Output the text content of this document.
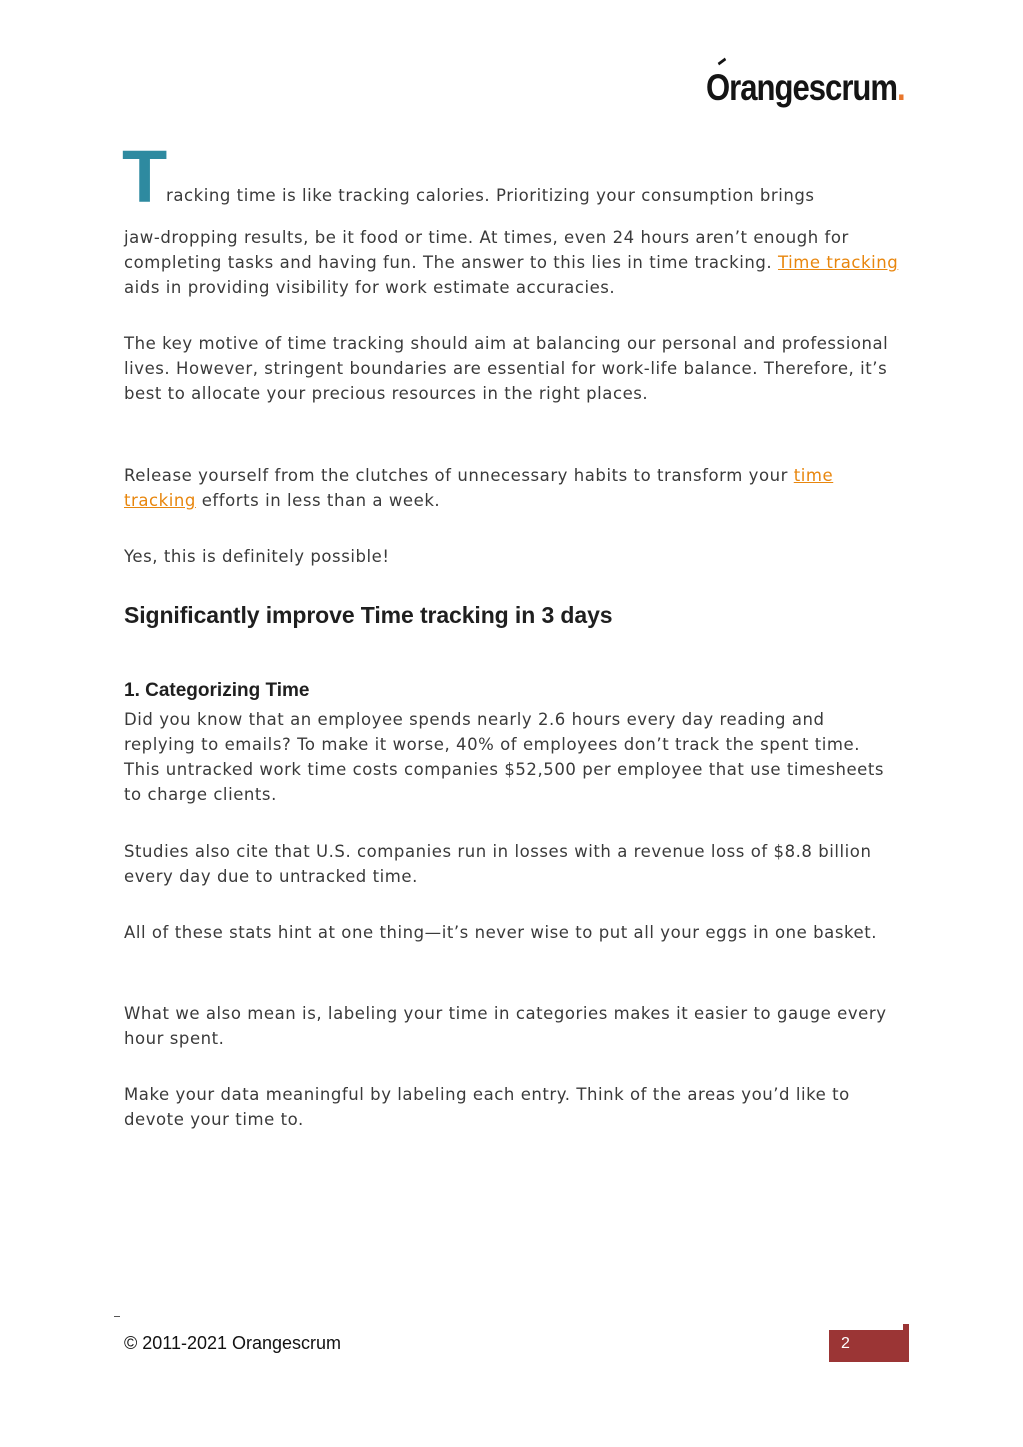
Orangescrum.
T

racking time is like tracking calories. Prioritizing your consumption brings

jaw-dropping results, be it food or time. At times, even 24 hours aren’t enough for completing tasks and having fun. The answer to this lies in time tracking. Time tracking aids in providing visibility for work estimate accuracies.

The key motive of time tracking should aim at balancing our personal and professional lives. However, stringent boundaries are essential for work-life balance. Therefore, it’s best to allocate your precious resources in the right places.

Release yourself from the clutches of unnecessary habits to transform your time tracking efforts in less than a week.

Yes, this is definitely possible!

Significantly improve Time tracking in 3 days
1. Categorizing Time

Did you know that an employee spends nearly 2.6 hours every day reading and replying to emails? To make it worse, 40% of employees don’t track the spent time. This untracked work time costs companies $52,500 per employee that use timesheets to charge clients.

Studies also cite that U.S. companies run in losses with a revenue loss of $8.8 billion every day due to untracked time.

All of these stats hint at one thing—it’s never wise to put all your eggs in one basket.

What we also mean is, labeling your time in categories makes it easier to gauge every hour spent.

Make your data meaningful by labeling each entry. Think of the areas you’d like to devote your time to.

© 2011-2021 Orangescrum	2
